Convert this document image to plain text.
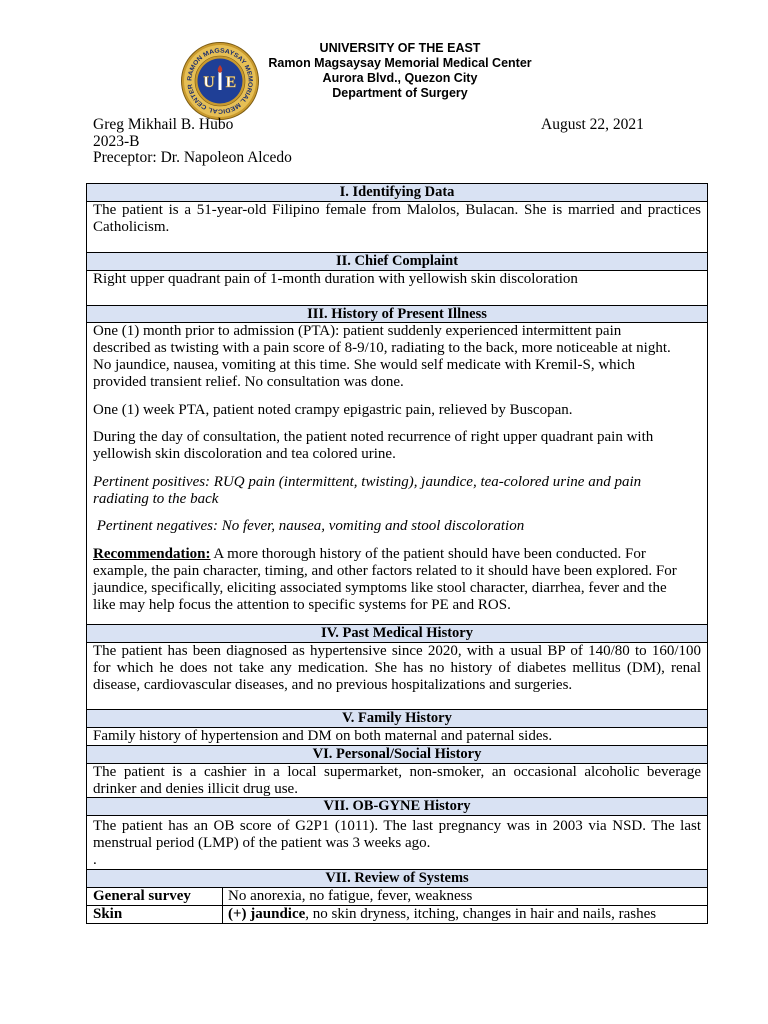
RAMON MAGSAYSAY MEMORIAL MEDICAL CENTER U E
UNIVERSITY OF THE EAST
Ramon Magsaysay Memorial Medical Center
Aurora Blvd., Quezon City
Department of Surgery
Greg Mikhail B. Hubo
2023-B
Preceptor: Dr. Napoleon Alcedo
August 22, 2021
I. Identifying Data
The patient is a 51-year-old Filipino female from Malolos, Bulacan. She is married and practices
Catholicism.
II. Chief Complaint
Right upper quadrant pain of 1-month duration with yellowish skin discoloration
III. History of Present Illness
One (1) month prior to admission (PTA): patient suddenly experienced intermittent pain
described as twisting with a pain score of 8-9/10, radiating to the back, more noticeable at night.
No jaundice, nausea, vomiting at this time. She would self medicate with Kremil-S, which
provided transient relief. No consultation was done.
One (1) week PTA, patient noted crampy epigastric pain, relieved by Buscopan.
During the day of consultation, the patient noted recurrence of right upper quadrant pain with
yellowish skin discoloration and tea colored urine.
Pertinent positives: RUQ pain (intermittent, twisting), jaundice, tea-colored urine and pain
radiating to the back
Pertinent negatives: No fever, nausea, vomiting and stool discoloration
Recommendation: A more thorough history of the patient should have been conducted. For
example, the pain character, timing, and other factors related to it should have been explored. For
jaundice, specifically, eliciting associated symptoms like stool character, diarrhea, fever and the
like may help focus the attention to specific systems for PE and ROS.
IV. Past Medical History
The patient has been diagnosed as hypertensive since 2020, with a usual BP of 140/80 to 160/100
for which he does not take any medication. She has no history of diabetes mellitus (DM), renal
disease, cardiovascular diseases, and no previous hospitalizations and surgeries.
V. Family History
Family history of hypertension and DM on both maternal and paternal sides.
VI. Personal/Social History
The patient is a cashier in a local supermarket, non-smoker, an occasional alcoholic beverage
drinker and denies illicit drug use.
VII. OB-GYNE History
The patient has an OB score of G2P1 (1011). The last pregnancy was in 2003 via NSD. The last
menstrual period (LMP) of the patient was 3 weeks ago.
.
VII. Review of Systems
General survey	No anorexia, no fatigue, fever, weakness
Skin	(+) jaundice, no skin dryness, itching, changes in hair and nails, rashes
